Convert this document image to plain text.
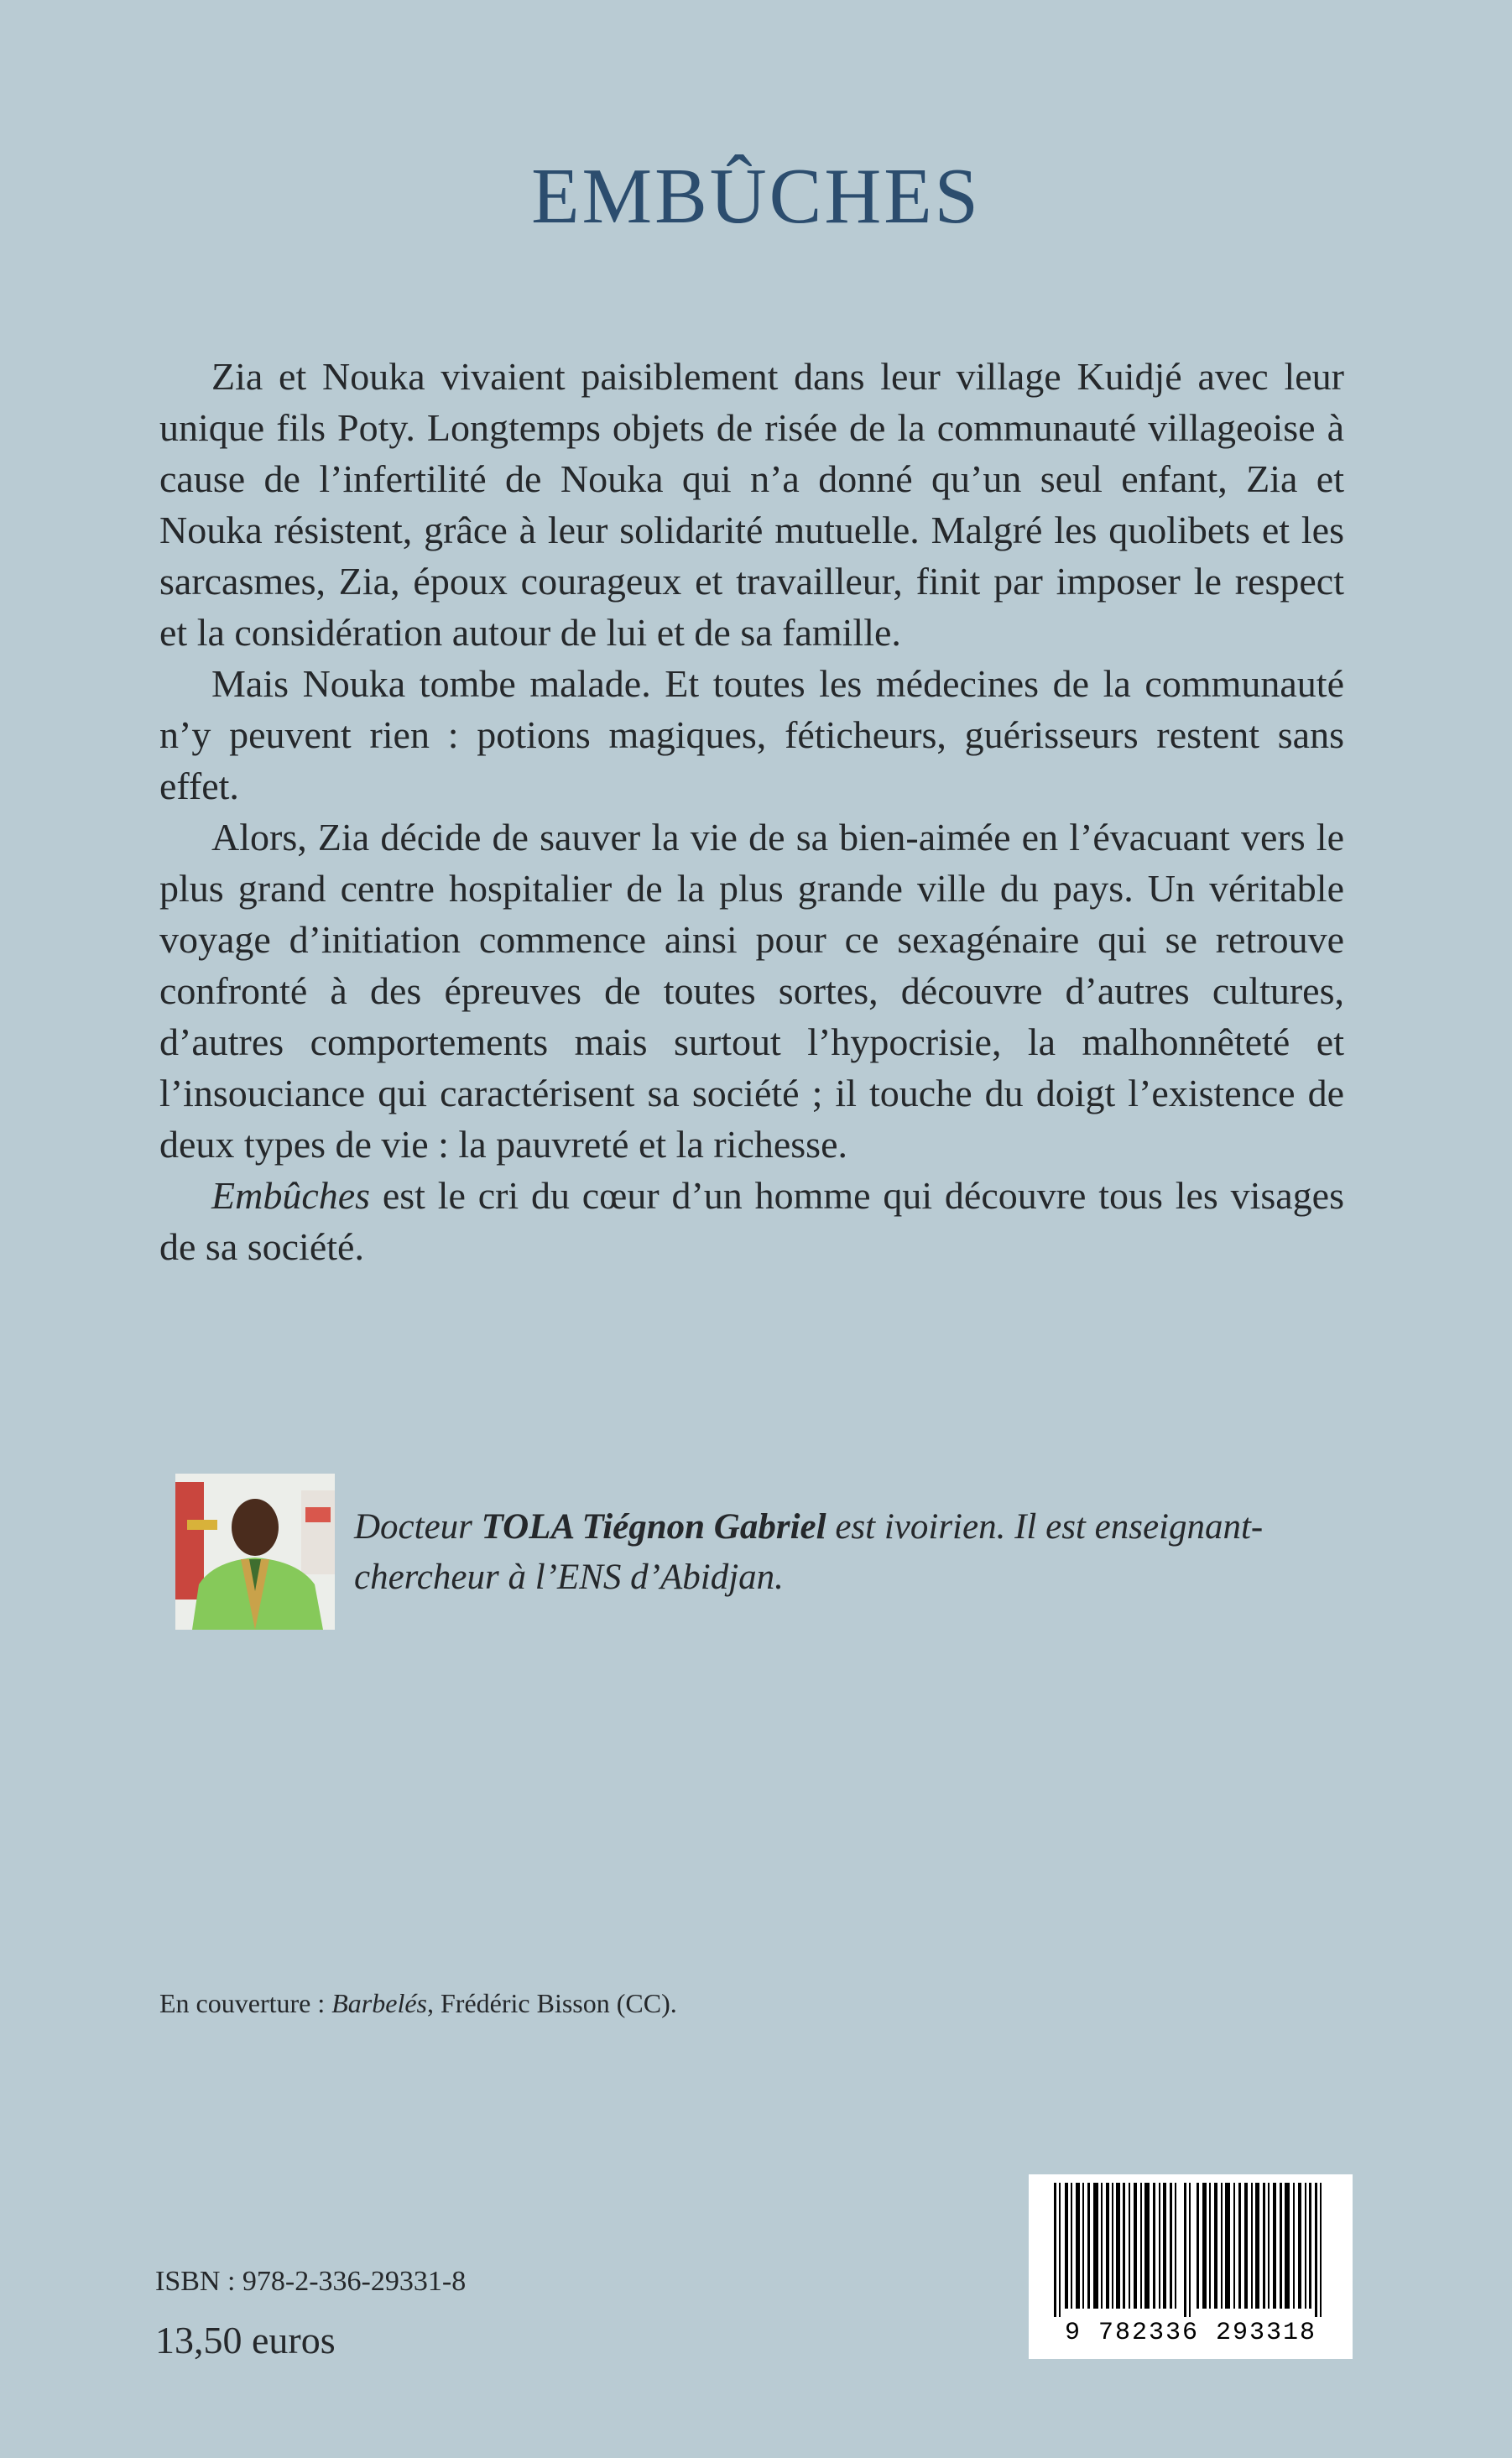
EMBÛCHES

Zia et Nouka vivaient paisiblement dans leur village Kuidjé avec leur unique fils Poty. Longtemps objets de risée de la communauté villageoise à cause de l’infertilité de Nouka qui n’a donné qu’un seul enfant, Zia et Nouka résistent, grâce à leur solidarité mutuelle. Malgré les quolibets et les sarcasmes, Zia, époux courageux et travailleur, finit par imposer le respect et la considération autour de lui et de sa famille.

Mais Nouka tombe malade. Et toutes les médecines de la communauté n’y peuvent rien : potions magiques, féticheurs, guérisseurs restent sans effet.

Alors, Zia décide de sauver la vie de sa bien-aimée en l’évacuant vers le plus grand centre hospitalier de la plus grande ville du pays. Un véritable voyage d’initiation commence ainsi pour ce sexagénaire qui se retrouve confronté à des épreuves de toutes sortes, découvre d’autres cultures, d’autres comportements mais surtout l’hypocrisie, la malhonnêteté et l’insouciance qui caractérisent sa société ; il touche du doigt l’existence de deux types de vie : la pauvreté et la richesse.

Embûches est le cri du cœur d’un homme qui découvre tous les visages de sa société.

Docteur TOLA Tiégnon Gabriel est ivoirien. Il est enseignant-chercheur à l’ENS d’Abidjan.
En couverture : Barbelés, Frédéric Bisson (CC).
ISBN : 978-2-336-29331-8
13,50 euros	9 782336 293318
